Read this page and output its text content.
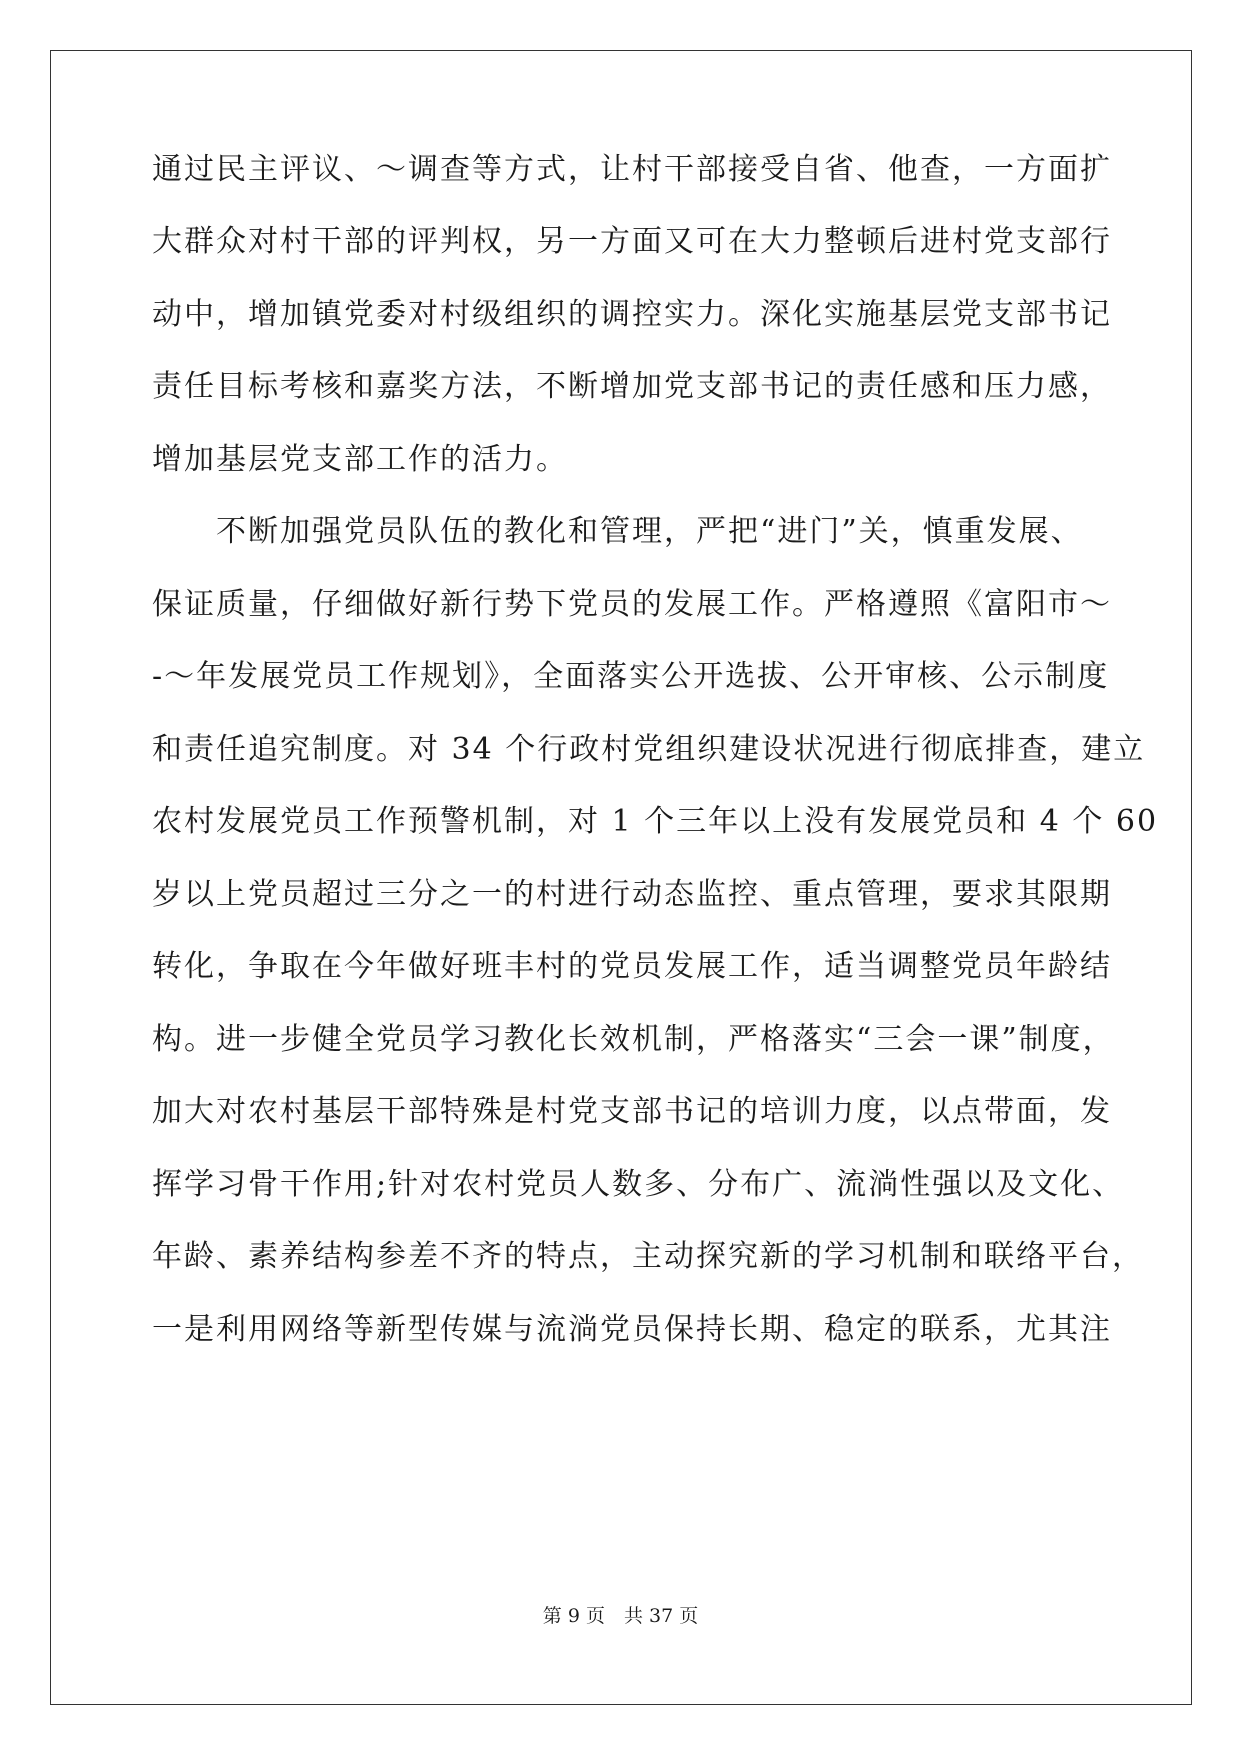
通过民主评议、～调查等方式，让村干部接受自省、他查，一方面扩
大群众对村干部的评判权，另一方面又可在大力整顿后进村党支部行
动中，增加镇党委对村级组织的调控实力。深化实施基层党支部书记
责任目标考核和嘉奖方法，不断增加党支部书记的责任感和压力感，
增加基层党支部工作的活力。
　　不断加强党员队伍的教化和管理，严把“进门”关，慎重发展、
保证质量，仔细做好新行势下党员的发展工作。严格遵照《富阳市～
-～年发展党员工作规划》，全面落实公开选拔、公开审核、公示制度
和责任追究制度。对 34 个行政村党组织建设状况进行彻底排查，建立
农村发展党员工作预警机制，对 1 个三年以上没有发展党员和 4 个 60
岁以上党员超过三分之一的村进行动态监控、重点管理，要求其限期
转化，争取在今年做好班丰村的党员发展工作，适当调整党员年龄结
构。进一步健全党员学习教化长效机制，严格落实“三会一课”制度，
加大对农村基层干部特殊是村党支部书记的培训力度，以点带面，发
挥学习骨干作用;针对农村党员人数多、分布广、流淌性强以及文化、
年龄、素养结构参差不齐的特点，主动探究新的学习机制和联络平台，
一是利用网络等新型传媒与流淌党员保持长期、稳定的联系，尤其注
第 9 页　共 37 页
